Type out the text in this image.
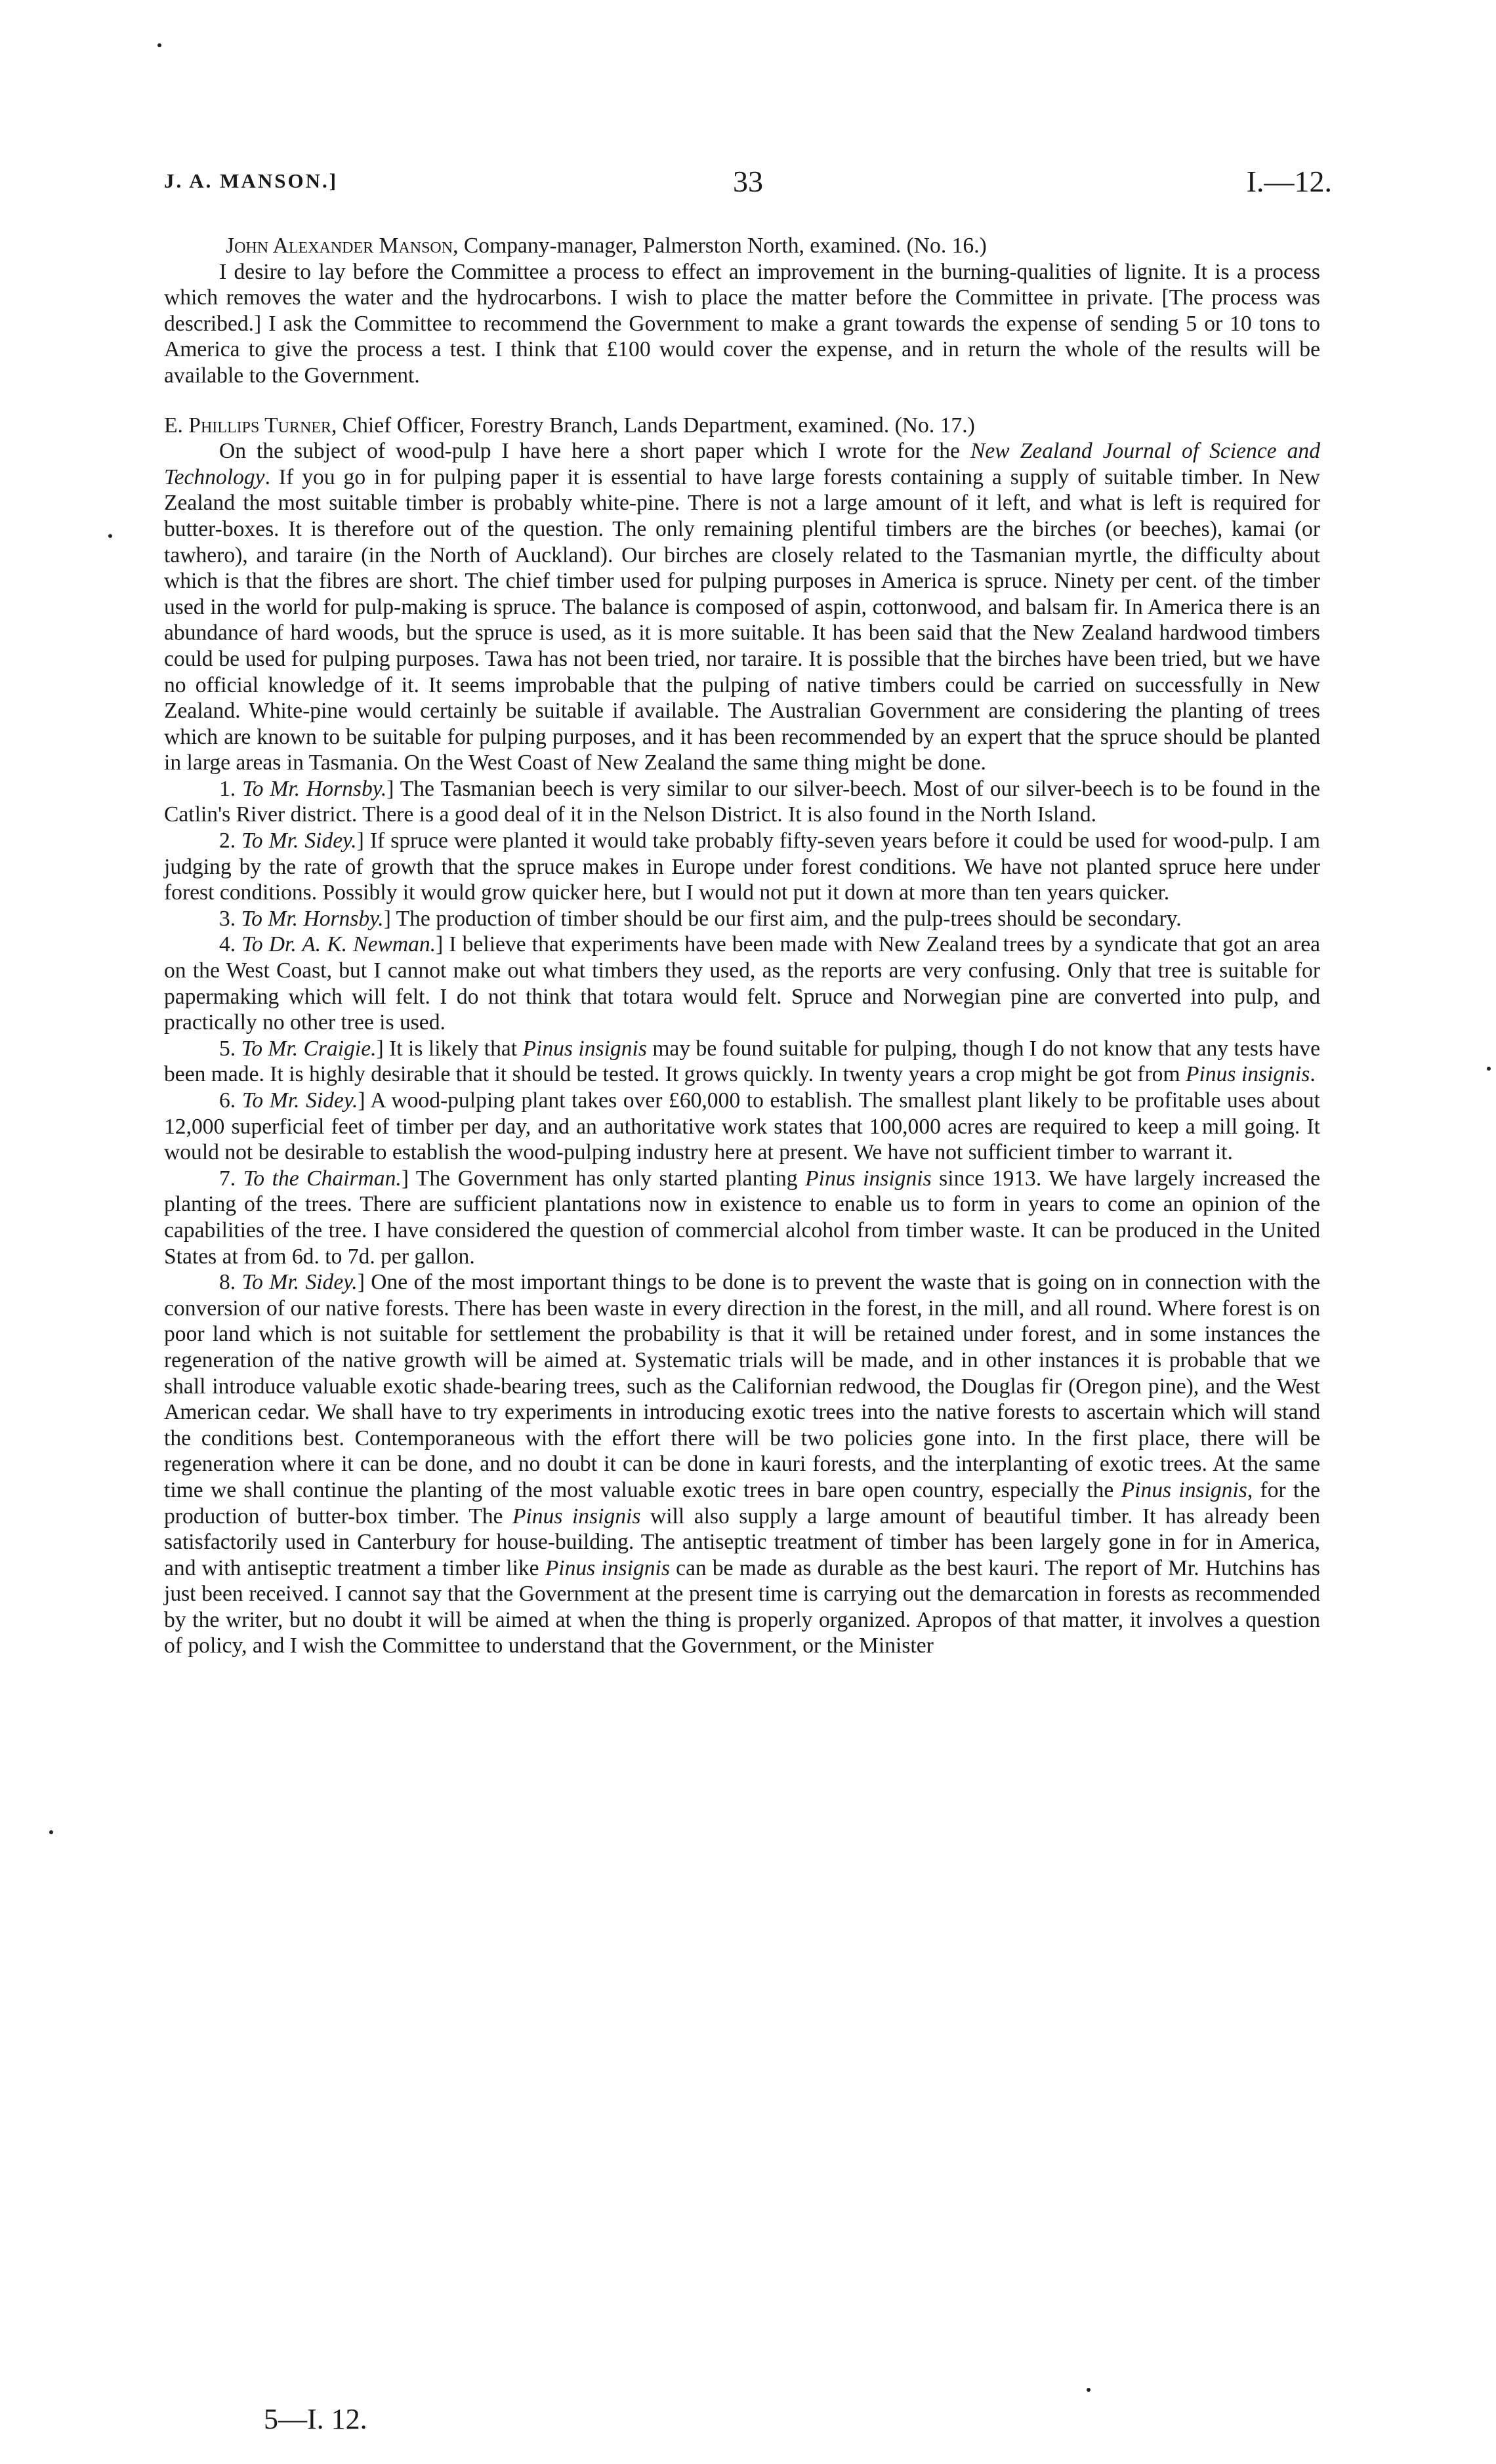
J. A. MANSON.]	33	I.—12.

John Alexander Manson, Company-manager, Palmerston North, examined. (No. 16.)

I desire to lay before the Committee a process to effect an improvement in the burning-qualities of lignite. It is a process which removes the water and the hydrocarbons. I wish to place the matter before the Committee in private. [The process was described.] I ask the Committee to recommend the Government to make a grant towards the expense of sending 5 or 10 tons to America to give the process a test. I think that £100 would cover the expense, and in return the whole of the results will be available to the Government.

E. Phillips Turner, Chief Officer, Forestry Branch, Lands Department, examined. (No. 17.)

On the subject of wood-pulp I have here a short paper which I wrote for the New Zealand Journal of Science and Technology. If you go in for pulping paper it is essential to have large forests containing a supply of suitable timber. In New Zealand the most suitable timber is probably white-pine. There is not a large amount of it left, and what is left is required for butter-boxes. It is therefore out of the question. The only remaining plentiful timbers are the birches (or beeches), kamai (or tawhero), and taraire (in the North of Auckland). Our birches are closely related to the Tasmanian myrtle, the difficulty about which is that the fibres are short. The chief timber used for pulping purposes in America is spruce. Ninety per cent. of the timber used in the world for pulp-making is spruce. The balance is composed of aspin, cottonwood, and balsam fir. In America there is an abundance of hard woods, but the spruce is used, as it is more suitable. It has been said that the New Zealand hardwood timbers could be used for pulping purposes. Tawa has not been tried, nor taraire. It is possible that the birches have been tried, but we have no official knowledge of it. It seems improbable that the pulping of native timbers could be carried on successfully in New Zealand. White-pine would certainly be suitable if available. The Australian Government are considering the planting of trees which are known to be suitable for pulping purposes, and it has been recommended by an expert that the spruce should be planted in large areas in Tasmania. On the West Coast of New Zealand the same thing might be done.

1. To Mr. Hornsby.] The Tasmanian beech is very similar to our silver-beech. Most of our silver-beech is to be found in the Catlin's River district. There is a good deal of it in the Nelson District. It is also found in the North Island.

2. To Mr. Sidey.] If spruce were planted it would take probably fifty-seven years before it could be used for wood-pulp. I am judging by the rate of growth that the spruce makes in Europe under forest conditions. We have not planted spruce here under forest conditions. Possibly it would grow quicker here, but I would not put it down at more than ten years quicker.

3. To Mr. Hornsby.] The production of timber should be our first aim, and the pulp-trees should be secondary.

4. To Dr. A. K. Newman.] I believe that experiments have been made with New Zealand trees by a syndicate that got an area on the West Coast, but I cannot make out what timbers they used, as the reports are very confusing. Only that tree is suitable for papermaking which will felt. I do not think that totara would felt. Spruce and Norwegian pine are converted into pulp, and practically no other tree is used.

5. To Mr. Craigie.] It is likely that Pinus insignis may be found suitable for pulping, though I do not know that any tests have been made. It is highly desirable that it should be tested. It grows quickly. In twenty years a crop might be got from Pinus insignis.

6. To Mr. Sidey.] A wood-pulping plant takes over £60,000 to establish. The smallest plant likely to be profitable uses about 12,000 superficial feet of timber per day, and an authoritative work states that 100,000 acres are required to keep a mill going. It would not be desirable to establish the wood-pulping industry here at present. We have not sufficient timber to warrant it.

7. To the Chairman.] The Government has only started planting Pinus insignis since 1913. We have largely increased the planting of the trees. There are sufficient plantations now in existence to enable us to form in years to come an opinion of the capabilities of the tree. I have considered the question of commercial alcohol from timber waste. It can be produced in the United States at from 6d. to 7d. per gallon.

8. To Mr. Sidey.] One of the most important things to be done is to prevent the waste that is going on in connection with the conversion of our native forests. There has been waste in every direction in the forest, in the mill, and all round. Where forest is on poor land which is not suitable for settlement the probability is that it will be retained under forest, and in some instances the regeneration of the native growth will be aimed at. Systematic trials will be made, and in other instances it is probable that we shall introduce valuable exotic shade-bearing trees, such as the Californian redwood, the Douglas fir (Oregon pine), and the West American cedar. We shall have to try experiments in introducing exotic trees into the native forests to ascertain which will stand the conditions best. Contemporaneous with the effort there will be two policies gone into. In the first place, there will be regeneration where it can be done, and no doubt it can be done in kauri forests, and the interplanting of exotic trees. At the same time we shall continue the planting of the most valuable exotic trees in bare open country, especially the Pinus insignis, for the production of butter-box timber. The Pinus insignis will also supply a large amount of beautiful timber. It has already been satisfactorily used in Canterbury for house-building. The antiseptic treatment of timber has been largely gone in for in America, and with antiseptic treatment a timber like Pinus insignis can be made as durable as the best kauri. The report of Mr. Hutchins has just been received. I cannot say that the Government at the present time is carrying out the demarcation in forests as recommended by the writer, but no doubt it will be aimed at when the thing is properly organized. Apropos of that matter, it involves a question of policy, and I wish the Committee to understand that the Government, or the Minister

5—I. 12.
